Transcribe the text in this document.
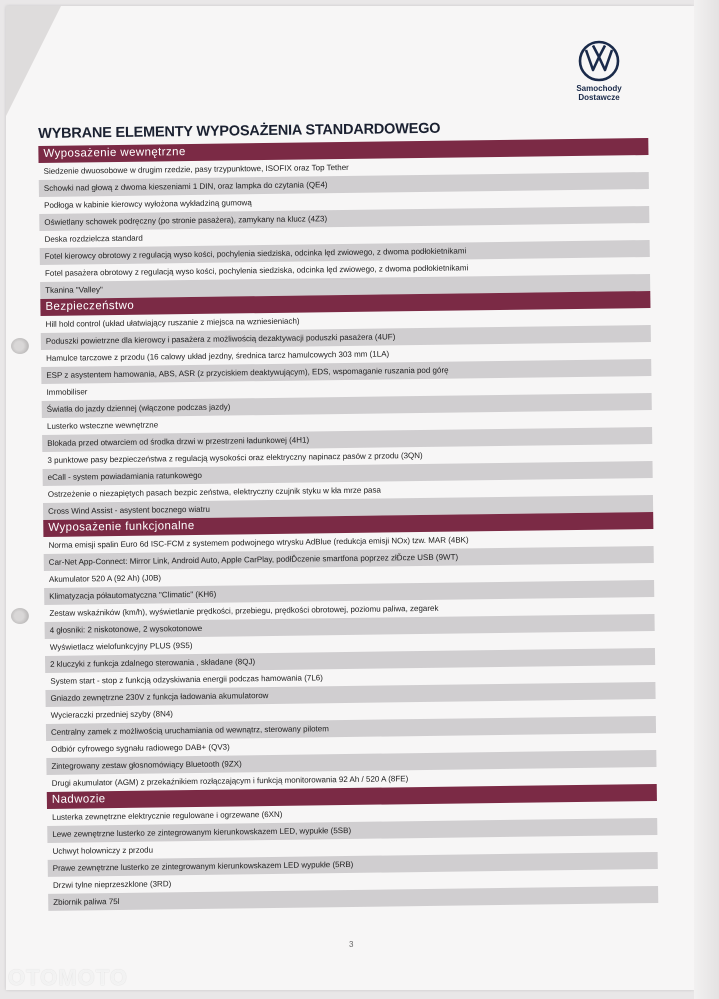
Samochody
Dostawcze
WYBRANE ELEMENTY WYPOSAŻENIA STANDARDOWEGO
Wyposażenie wewnętrzne
Siedzenie dwuosobowe w drugim rzedzie, pasy trzypunktowe, ISOFIX oraz Top Tether
Schowki nad głową z dwoma kieszeniami 1 DIN, oraz lampka do czytania (QE4)
Podłoga w kabinie kierowcy wyłożona wykładziną gumową
Oświetlany schowek podręczny (po stronie pasażera), zamykany na klucz (4Z3)
Deska rozdzielcza standard
Fotel kierowcy obrotowy z regulacją wyso kości, pochylenia siedziska, odcinka lęd zwiowego, z dwoma podłokietnikami
Fotel pasażera obrotowy z regulacją wyso kości, pochylenia siedziska, odcinka lęd zwiowego, z dwoma podłokietnikami
Tkanina "Valley"
Bezpieczeństwo
Hill hold control (układ ułatwiający ruszanie z miejsca na wzniesieniach)
Poduszki powietrzne dla kierowcy i pasażera z możliwością dezaktywacji poduszki pasażera (4UF)
Hamulce tarczowe z przodu (16 calowy układ jezdny, średnica tarcz hamulcowych 303 mm (1LA)
ESP z asystentem hamowania, ABS, ASR (z przyciskiem deaktywującym), EDS, wspomaganie ruszania pod górę
Immobiliser
Światła do jazdy dziennej (włączone podczas jazdy)
Lusterko wsteczne wewnętrzne
Blokada przed otwarciem od środka drzwi w przestrzeni ładunkowej (4H1)
3 punktowe pasy bezpieczeństwa z regulacją wysokości oraz elektryczny napinacz pasów z przodu (3QN)
eCall - system powiadamiania ratunkowego
Ostrzeżenie o niezapiętych pasach bezpic zeństwa, elektryczny czujnik styku w kła mrze pasa
Cross Wind Assist - asystent bocznego wiatru
Wyposażenie funkcjonalne
Norma emisji spalin Euro 6d ISC-FCM z systemem podwojnego wtrysku AdBlue (redukcja emisji NOx) tzw. MAR (4BK)
Car-Net App-Connect: Mirror Link, Android Auto, Apple CarPlay, podłĎczenie smartfona poprzez złĎcze USB (9WT)
Akumulator 520 A (92 Ah) (J0B)
Klimatyzacja półautomatyczna "Climatic" (KH6)
Zestaw wskaźników (km/h), wyświetlanie prędkości, przebiegu, prędkości obrotowej, poziomu paliwa, zegarek
4 głosniki: 2 niskotonowe, 2 wysokotonowe
Wyświetlacz wielofunkcyjny PLUS (9S5)
2 kluczyki z funkcja zdalnego sterowania , składane (8QJ)
System start - stop z funkcją odzyskiwania energii podczas hamowania (7L6)
Gniazdo zewnętrzne 230V z funkcja ładowania akumulatorow
Wycieraczki przedniej szyby (8N4)
Centralny zamek z możliwością uruchamiania od wewnątrz, sterowany pilotem
Odbiór cyfrowego sygnału radiowego DAB+ (QV3)
Zintegrowany zestaw głosnomówiący Bluetooth (9ZX)
Drugi akumulator (AGM) z przekaźnikiem rozłączającym i funkcją monitorowania 92 Ah / 520 A (8FE)
Nadwozie
Lusterka zewnętrzne elektrycznie regulowane i ogrzewane (6XN)
Lewe zewnętrzne lusterko ze zintegrowanym kierunkowskazem LED, wypukłe (5SB)
Uchwyt holowniczy z przodu
Prawe zewnętrzne lusterko ze zintegrowanym kierunkowskazem LED wypukłe (5RB)
Drzwi tylne nieprzeszklone (3RD)
Zbiornik paliwa 75l
3
OTOMOTO
